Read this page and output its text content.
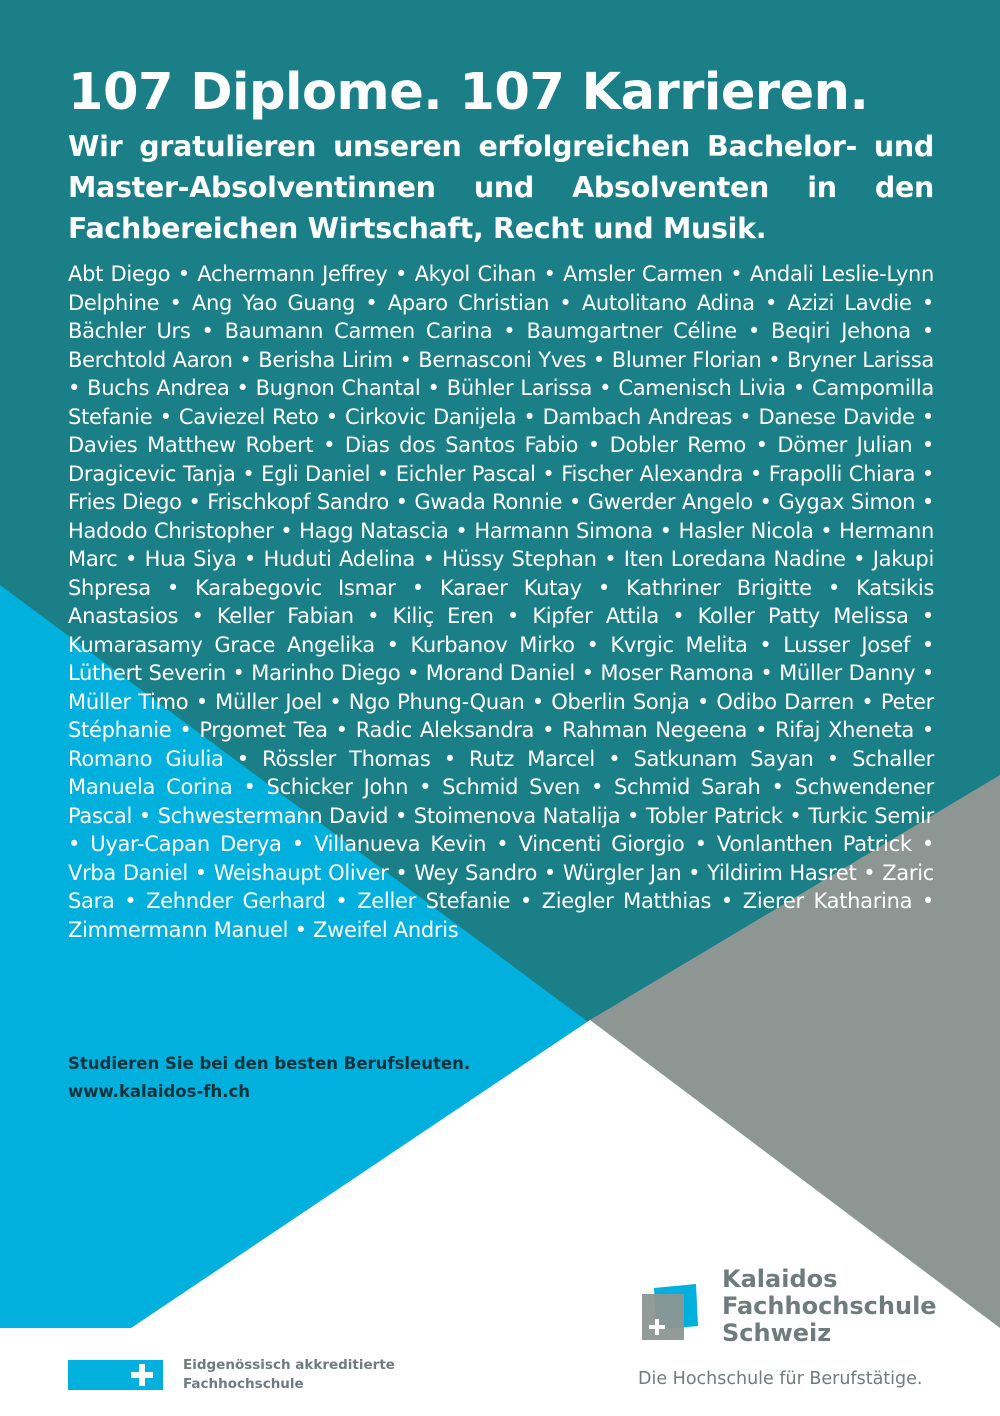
107 Diplome. 107 Karrieren.

Wir gratulieren unseren erfolgreichen Bachelor- und Master-Absolventinnen und Absolventen in den Fachbereichen Wirtschaft, Recht und Musik.

Abt Diego • Achermann Jeffrey • Akyol Cihan • Amsler Carmen • Andali Leslie-Lynn Delphine • Ang Yao Guang • Aparo Christian • Autolitano Adina • Azizi Lavdie • Bächler Urs • Baumann Carmen Carina • Baumgartner Céline • Beqiri Jehona • Berchtold Aaron • Berisha Lirim • Bernasconi Yves • Blumer Florian • Bryner Larissa • Buchs Andrea • Bugnon Chantal • Bühler Larissa • Camenisch Livia • Campomilla Stefanie • Caviezel Reto • Cirkovic Danijela • Dambach Andreas • Danese Davide • Davies Matthew Robert • Dias dos Santos Fabio • Dobler Remo • Dömer Julian • Dragicevic Tanja • Egli Daniel • Eichler Pascal • Fischer Alexandra • Frapolli Chiara • Fries Diego • Frischkopf Sandro • Gwada Ronnie • Gwerder Angelo • Gygax Simon • Hadodo Christopher • Hagg Natascia • Harmann Simona • Hasler Nicola • Hermann Marc • Hua Siya • Huduti Adelina • Hüssy Stephan • Iten Loredana Nadine • Jakupi Shpresa • Karabegovic Ismar • Karaer Kutay • Kathriner Brigitte • Katsikis Anastasios • Keller Fabian • Kiliç Eren • Kipfer Attila • Koller Patty Melissa • Kumarasamy Grace Angelika • Kurbanov Mirko • Kvrgic Melita • Lusser Josef • Lüthert Severin • Marinho Diego • Morand Daniel • Moser Ramona • Müller Danny • Müller Timo • Müller Joel • Ngo Phung-Quan • Oberlin Sonja • Odibo Darren • Peter Stéphanie • Prgomet Tea • Radic Aleksandra • Rahman Negeena • Rifaj Xheneta • Romano Giulia • Rössler Thomas • Rutz Marcel • Satkunam Sayan • Schaller Manuela Corina • Schicker John • Schmid Sven • Schmid Sarah • Schwendener Pascal • Schwestermann David • Stoimenova Natalija • Tobler Patrick • Turkic Semir • Uyar-Capan Derya • Villanueva Kevin • Vincenti Giorgio • Vonlanthen Patrick • Vrba Daniel • Weishaupt Oliver • Wey Sandro • Würgler Jan • Yildirim Hasret • Zaric Sara • Zehnder Gerhard • Zeller Stefanie • Ziegler Matthias • Zierer Katharina • Zimmermann Manuel • Zweifel Andris

Studieren Sie bei den besten Berufsleuten.
www.kalaidos-fh.ch
Kalaidos
Fachhochschule
Schweiz
Die Hochschule für Berufstätige.
Eidgenössisch akkreditierte
Fachhochschule
